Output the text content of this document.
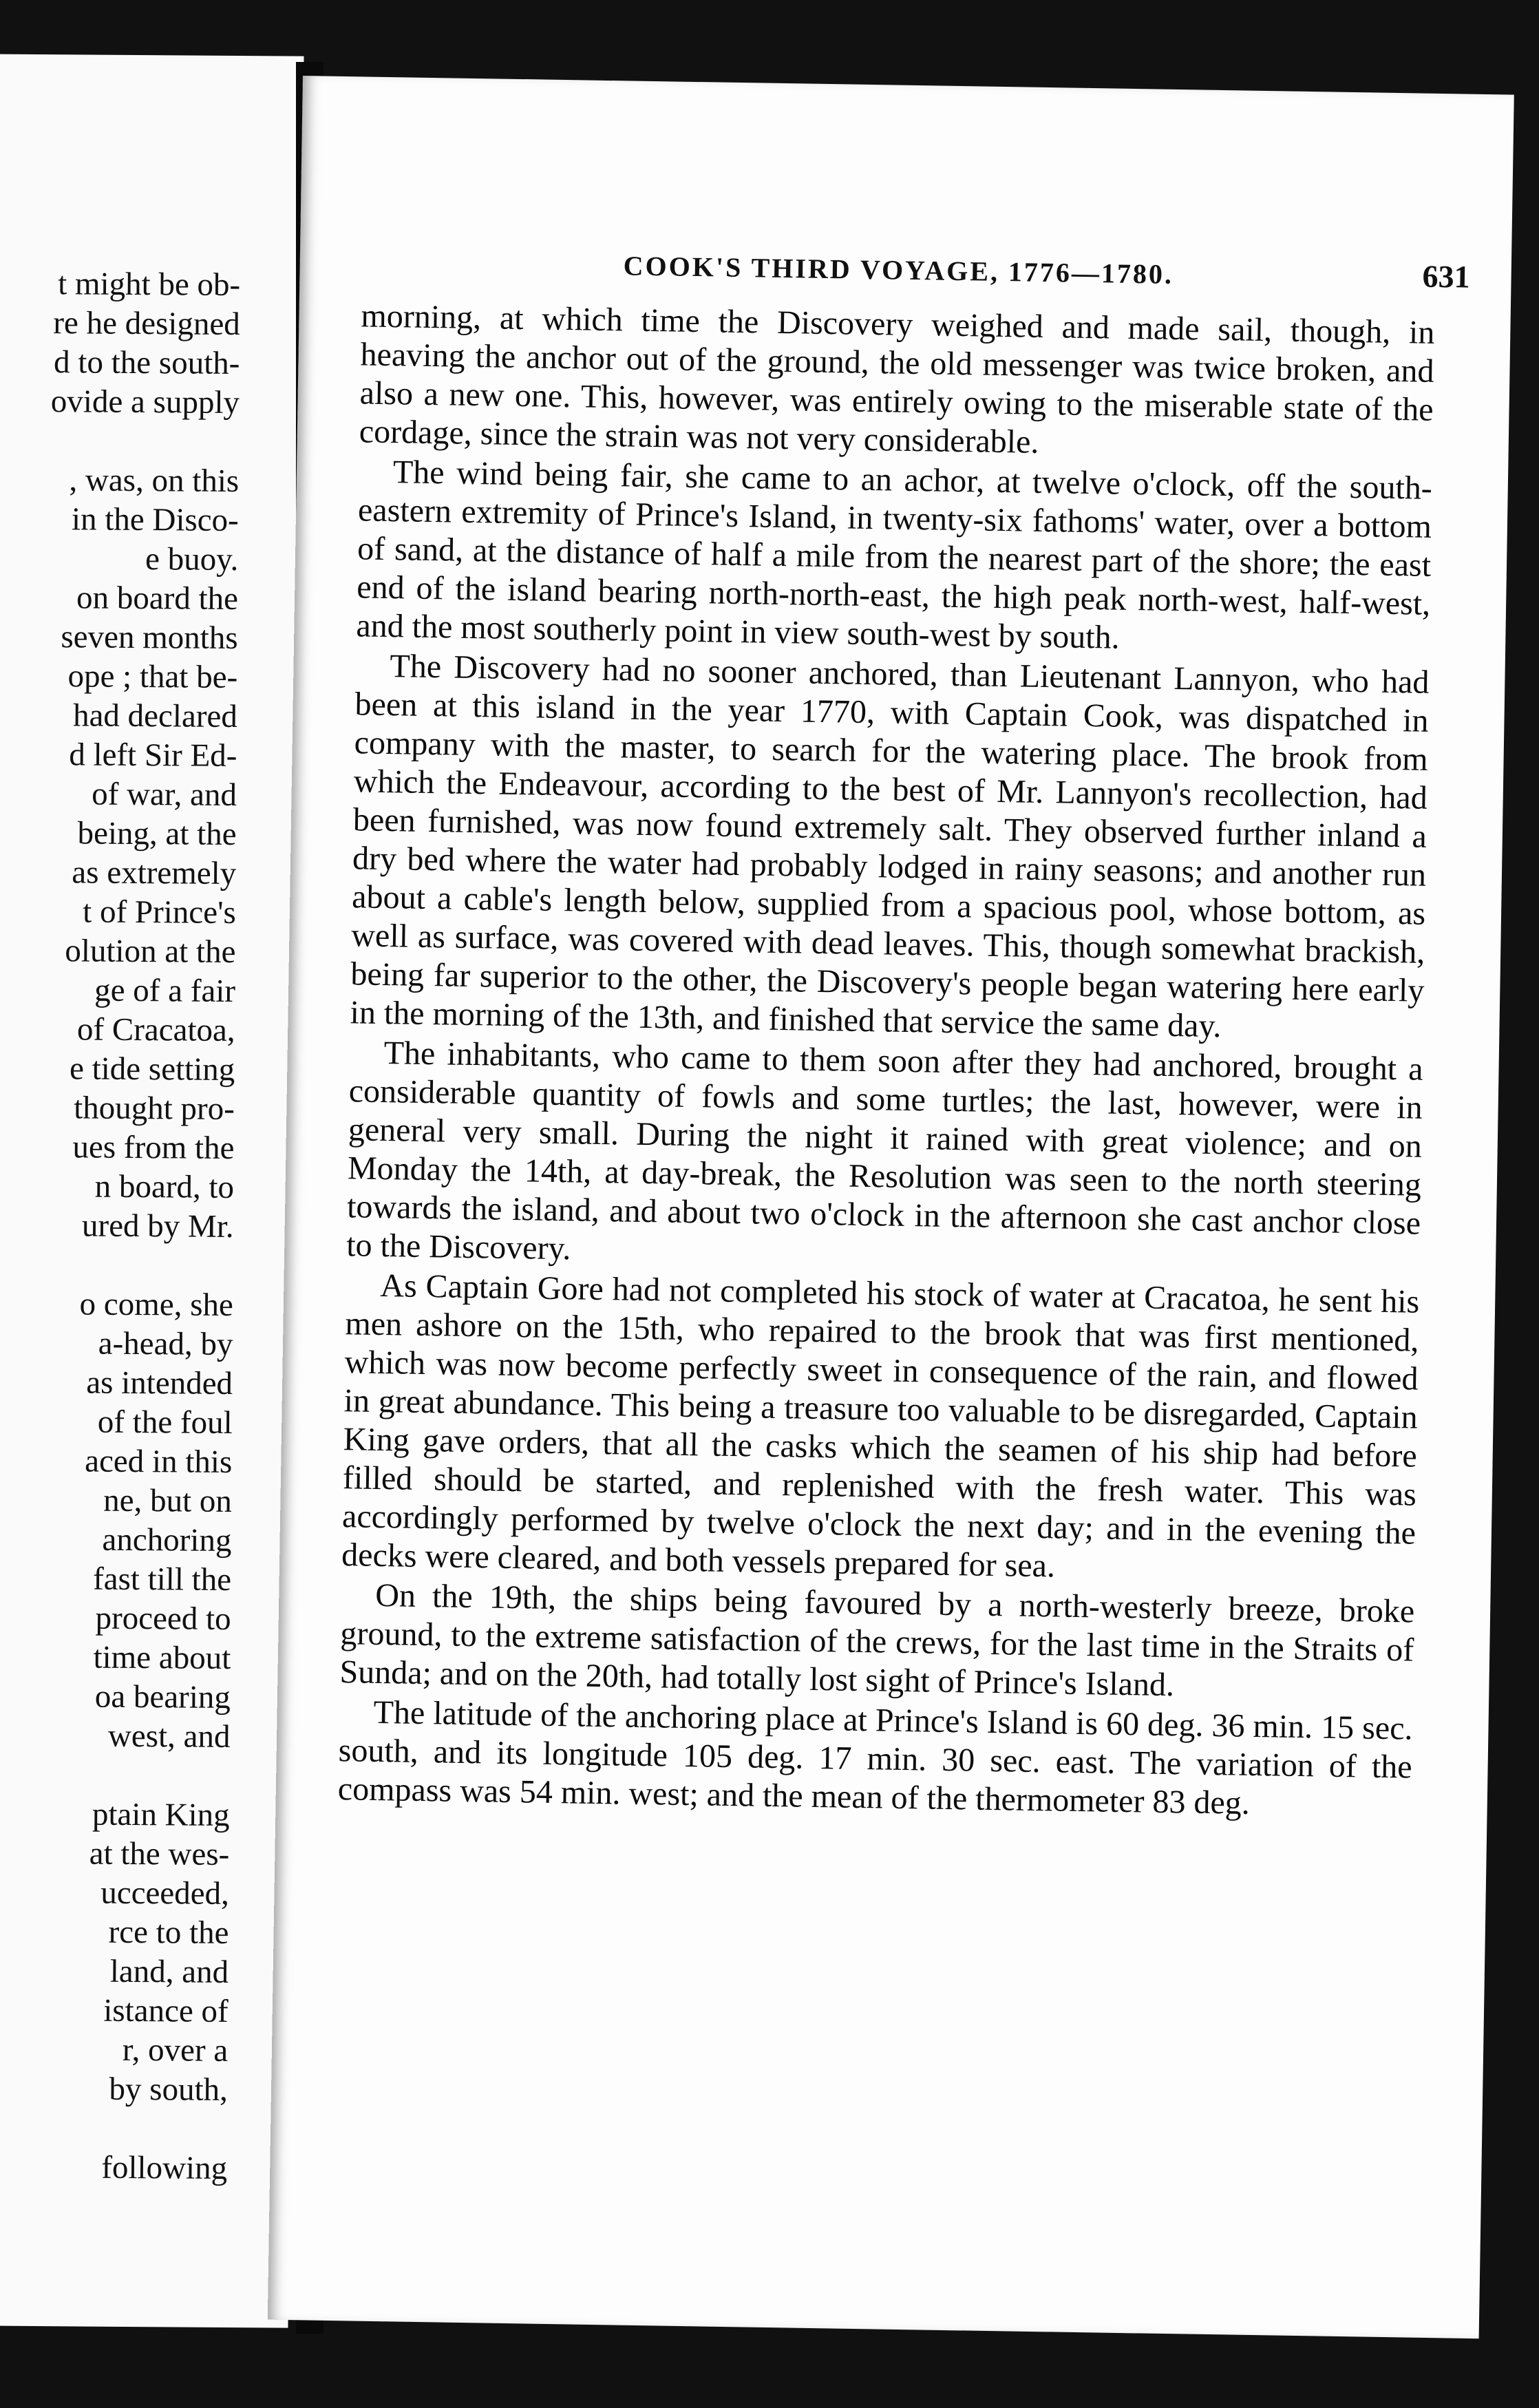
t might be ob-
re he designed
d to the south-
ovide a supply
, was, on this
in the Disco-
e buoy.
on board the
seven months
ope ; that be-
had declared
d left Sir Ed-
of war, and
being, at the
as extremely
t of Prince's
olution at the
ge of a fair
of Cracatoa,
e tide setting
thought pro-
ues from the
n board, to
ured by Mr.
o come, she
a-head, by
as intended
of the foul
aced in this
ne, but on
anchoring
fast till the
proceed to
time about
oa bearing
west, and
ptain King
at the wes-
ucceeded,
rce to the
land, and
istance of
r, over a
by south,
following
COOK'S THIRD VOYAGE, 1776—1780.	631

morning, at which time the Discovery weighed and made sail, though, in heaving the anchor out of the ground, the old messenger was twice broken, and also a new one. This, however, was entirely owing to the miserable state of the cordage, since the strain was not very considerable.

The wind being fair, she came to an achor, at twelve o'clock, off the south-eastern extremity of Prince's Island, in twenty-six fathoms' water, over a bottom of sand, at the distance of half a mile from the nearest part of the shore; the east end of the island bearing north-north-east, the high peak north-west, half-west, and the most southerly point in view south-west by south.

The Discovery had no sooner anchored, than Lieutenant Lannyon, who had been at this island in the year 1770, with Captain Cook, was dispatched in company with the master, to search for the watering place. The brook from which the Endeavour, according to the best of Mr. Lannyon's recollection, had been furnished, was now found extremely salt. They observed further inland a dry bed where the water had probably lodged in rainy seasons; and another run about a cable's length below, supplied from a spacious pool, whose bottom, as well as surface, was covered with dead leaves. This, though somewhat brackish, being far superior to the other, the Discovery's people began watering here early in the morning of the 13th, and finished that service the same day.

The inhabitants, who came to them soon after they had anchored, brought a considerable quantity of fowls and some turtles; the last, however, were in general very small. During the night it rained with great violence; and on Monday the 14th, at day-break, the Resolution was seen to the north steering towards the island, and about two o'clock in the afternoon she cast anchor close to the Discovery.

As Captain Gore had not completed his stock of water at Cracatoa, he sent his men ashore on the 15th, who repaired to the brook that was first mentioned, which was now become perfectly sweet in consequence of the rain, and flowed in great abundance. This being a treasure too valuable to be disregarded, Captain King gave orders, that all the casks which the seamen of his ship had before filled should be started, and replenished with the fresh water. This was accordingly performed by twelve o'clock the next day; and in the evening the decks were cleared, and both vessels prepared for sea.

On the 19th, the ships being favoured by a north-westerly breeze, broke ground, to the extreme satisfaction of the crews, for the last time in the Straits of Sunda; and on the 20th, had totally lost sight of Prince's Island.

The latitude of the anchoring place at Prince's Island is 60 deg. 36 min. 15 sec. south, and its longitude 105 deg. 17 min. 30 sec. east. The variation of the compass was 54 min. west; and the mean of the thermometer 83 deg.
